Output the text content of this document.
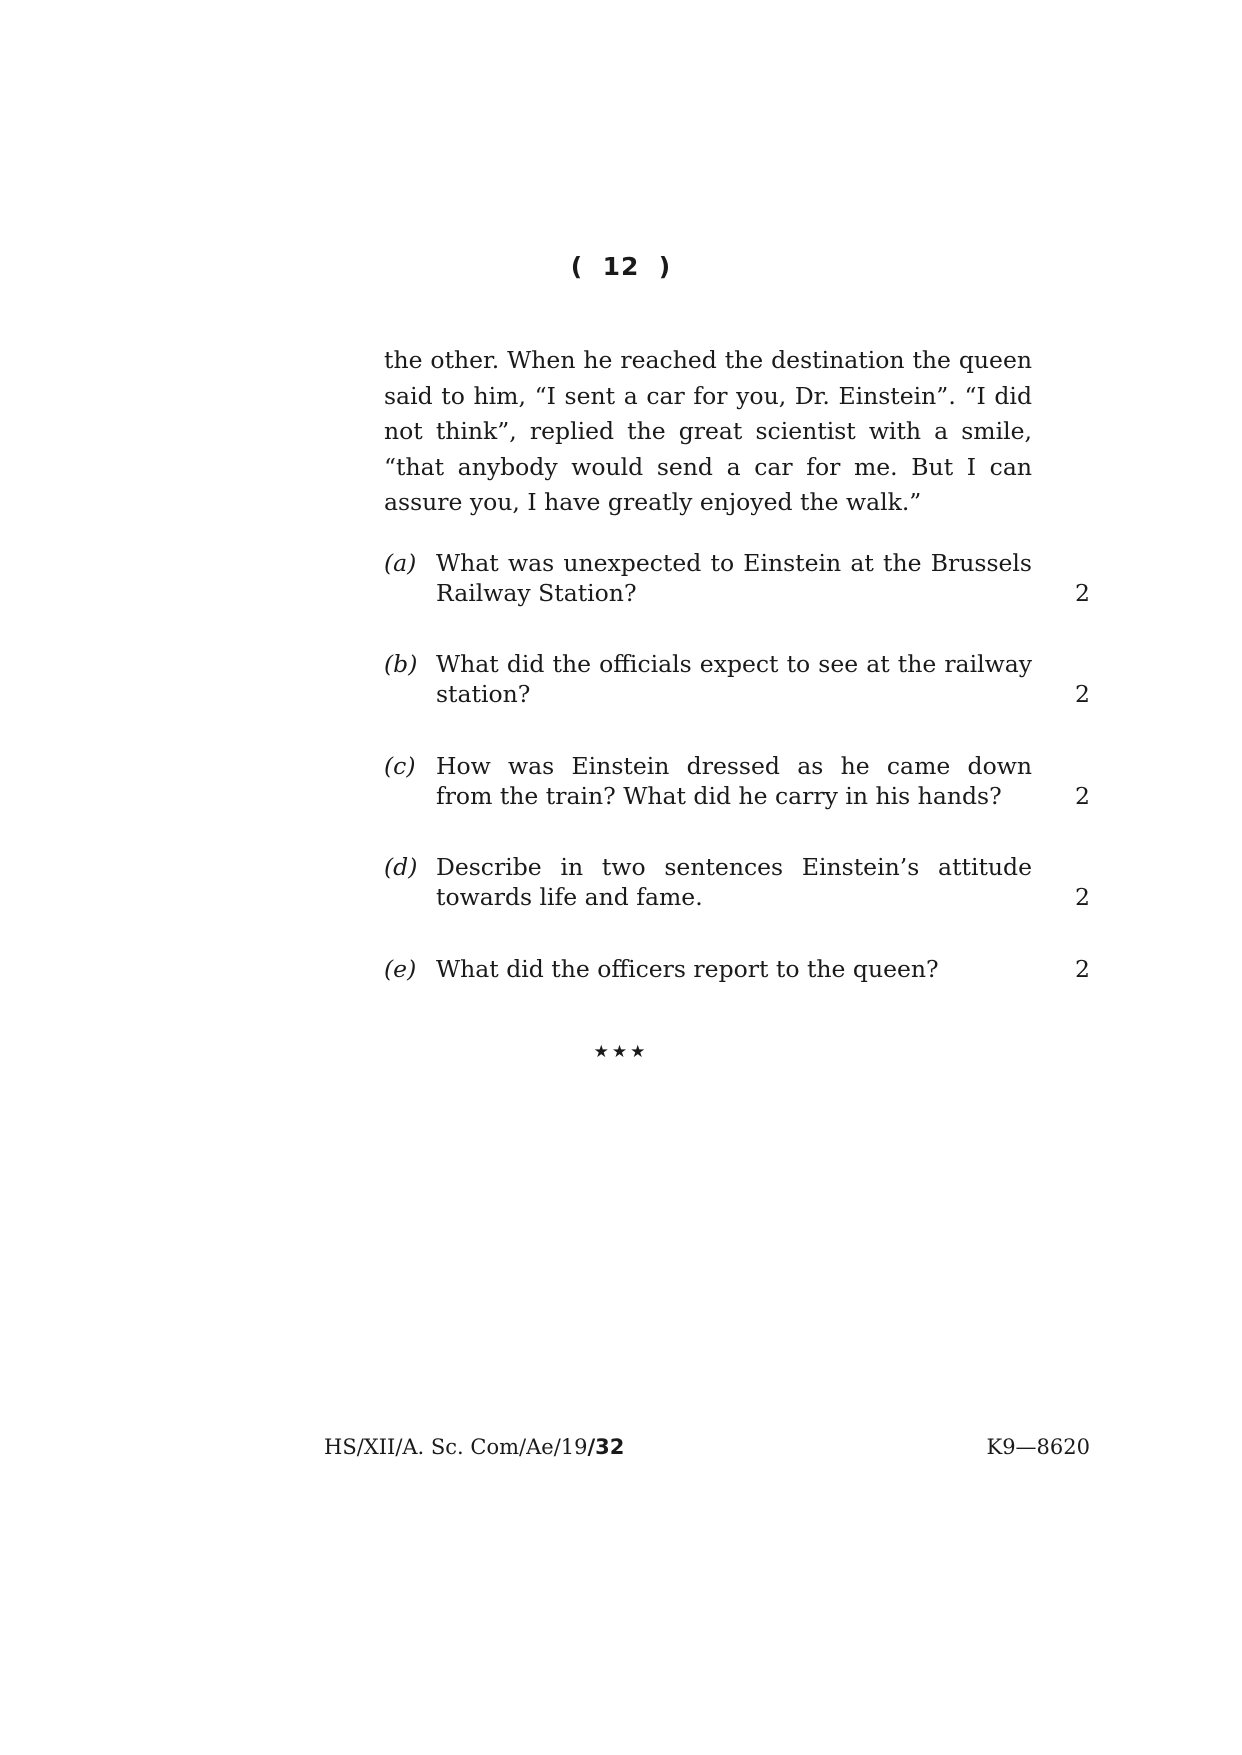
(  12  )
the other. When he reached the destination the queen said to him, “I sent a car for you, Dr. Einstein”. “I did not think”, replied the great scientist with a smile, “that anybody would send a car for me. But I can assure you, I have greatly enjoyed the walk.”
(a) What was unexpected to Einstein at the Brussels
Railway Station?	2
(b) What did the officials expect to see at the railway
station?	2
(c) How was Einstein dressed as he came down
from the train? What did he carry in his hands?	2
(d) Describe in two sentences Einstein’s attitude
towards life and fame.	2
(e) What did the officers report to the queen?	2
★★★
HS/XII/A. Sc. Com/Ae/19/32	K9—8620
